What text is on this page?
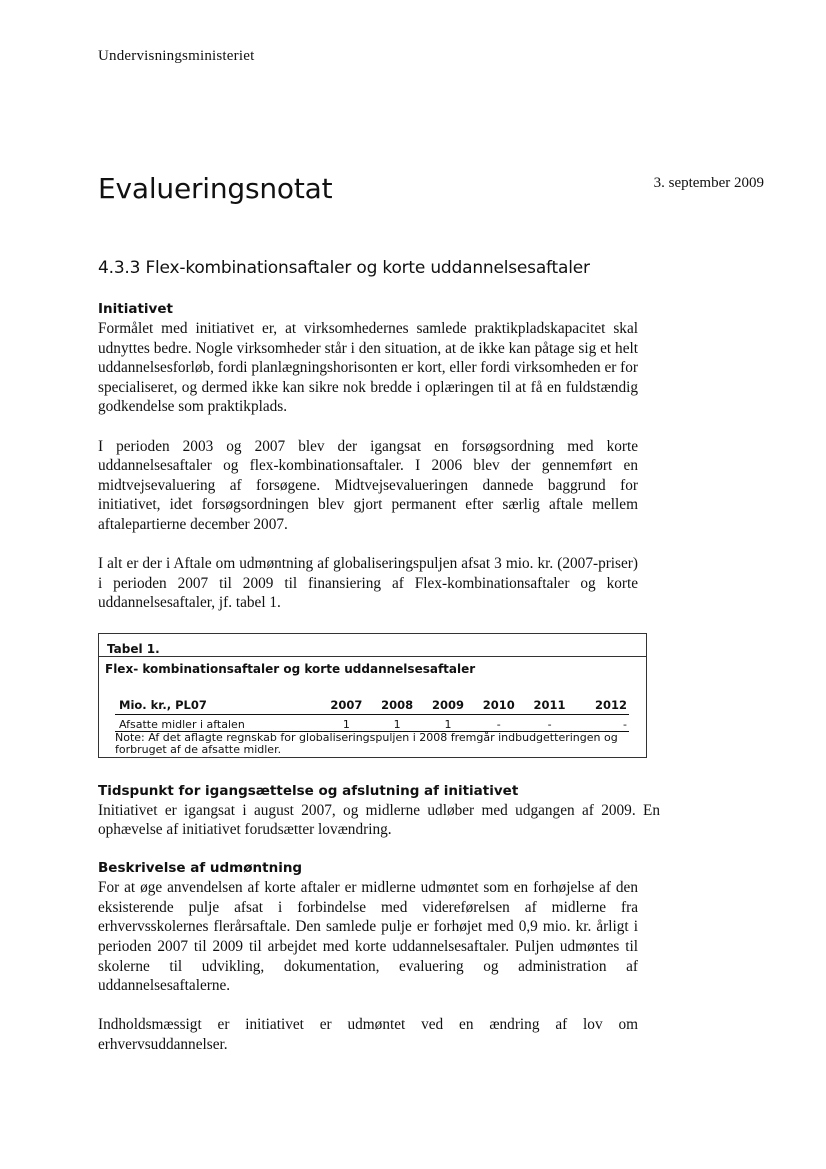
Undervisningsministeriet
Evalueringsnotat	3. september 2009
4.3.3 Flex-kombinationsaftaler og korte uddannelsesaftaler
Initiativet

Formålet med initiativet er, at virksomhedernes samlede praktikpladskapacitet skal udnyttes bedre. Nogle virksomheder står i den situation, at de ikke kan påtage sig et helt uddannelsesforløb, fordi planlægningshorisonten er kort, eller fordi virksomheden er for specialiseret, og dermed ikke kan sikre nok bredde i oplæringen til at få en fuldstændig godkendelse som praktikplads.

I perioden 2003 og 2007 blev der igangsat en forsøgsordning med korte uddannelsesaftaler og flex-kombinationsaftaler. I 2006 blev der gennemført en midtvejsevaluering af forsøgene. Midtvejsevalueringen dannede baggrund for initiativet, idet forsøgsordningen blev gjort permanent efter særlig aftale mellem aftalepartierne december 2007.

I alt er der i Aftale om udmøntning af globaliseringspuljen afsat 3 mio. kr. (2007-priser) i perioden 2007 til 2009 til finansiering af Flex-kombinationsaftaler og korte uddannelsesaftaler, jf. tabel 1.

Tabel 1.
Flex- kombinationsaftaler og korte uddannelsesaftaler
Mio. kr., PL07	2007	2008	2009	2010	2011	2012
Afsatte midler i aftalen	1	1	1	-	-	-
Note: Af det aflagte regnskab for globaliseringspuljen i 2008 fremgår indbudgetteringen og forbruget af de afsatte midler.
Tidspunkt for igangsættelse og afslutning af initiativet

Initiativet er igangsat i august 2007, og midlerne udløber med udgangen af 2009. En ophævelse af initiativet forudsætter lovændring.

Beskrivelse af udmøntning

For at øge anvendelsen af korte aftaler er midlerne udmøntet som en forhøjelse af den eksisterende pulje afsat i forbindelse med videreførelsen af midlerne fra erhvervsskolernes flerårsaftale. Den samlede pulje er forhøjet med 0,9 mio. kr. årligt i perioden 2007 til 2009 til arbejdet med korte uddannelsesaftaler. Puljen udmøntes til skolerne til udvikling, dokumentation, evaluering og administration af uddannelsesaftalerne.

Indholdsmæssigt er initiativet er udmøntet ved en ændring af lov om erhvervsuddannelser.
